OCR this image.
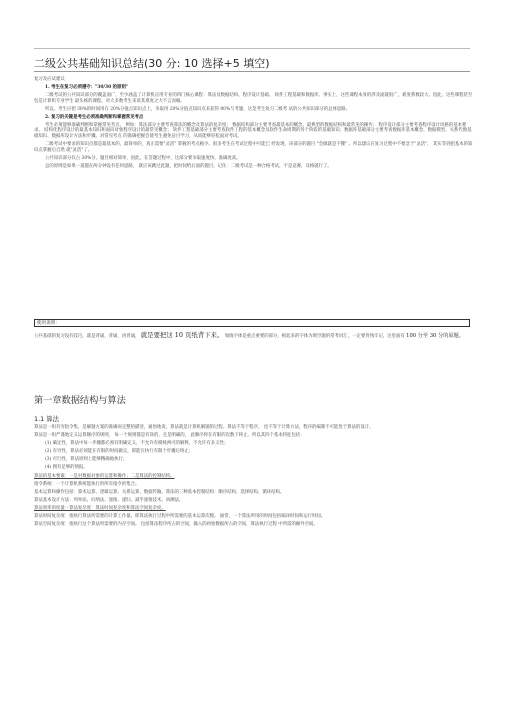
二级公共基础知识总结(30 分: 10 选择+5 填空)

复习及应试建议：

1. 考生在复习必须遵守："30/30 的原则"

二级考试的公共知识部分的覆盖面广，至少涵盖了计算机应用专业的四门核心课程：算法及数据结构、程序设计基础、 软件工程基础和数据库、事实上，这些课程本身的涉及面就很广，难度系数较大。因此，这些课程甚至包是计算机专业学生 最头疼的课程。对大多数考生来说其难度之大不言而喻。

所以，考生应把 30%的时间用在 20%分值点知识点上，争取用 20%分值点知识点来获得 80%与考题，这是考生复习二级考 试的公共知识部分的总体思路。

2. 复习的关键是考生必须准确判断和掌握常见考点

考生必须能够准确判断和掌握常见考点， 例如：算法部分主要考查算法的概念及算法的复杂度； 数据结构部分主要考查最基本的概念、最典型的数据结构和最常见的操作； 程序设计部分主要考查程序设计风格的基本要求。 结构化程序设计的最基本知识和面向对象程序设计的最常见概念； 软件工程基础部分主要考查软件工程的基本概念及软件生命周期的各个阶段的基础知识；数据库基础部分主要考查数据库基本概念、数据模型、关系代数基础知识、数据库设计方法和步骤。对常见考点 的准确把握会使考生避免盲目学习，从而能够轻松面对考试。

二级考试中要求的知识点都是最基本的，最简单的，真正需要"灵活" 掌握的考点极少。很多考生在考试过程中可能已 经发现，该部分的题目 "会做就是不懂" 。所以建议在复习过程中不要急于"灵活"， 其实等到把基本的知识点掌握后自然 就"灵活"了。

公共知识部分仅占 30%分，题目相对简单，因此，在答题过程中，这部分要争取速度快、准确度高。

总的原则是如果一道题在两分钟没有任何思路， 就应该跳过此题，把时间给后面的题目，记住：二级考试是一种合格考试，不是竞赛，及格就行了。

使用说明：

公共基础的复习没有技巧，就是背诵，背诵，再背诵， 就是要把这 10 页纸背下来。 划线字体是重点重要的部分，根起来的字体为填空题的常考词汇，一定要背熟牢记，这里面有 100 分至 30 分的原题。

第一章数据结构与算法
1.1 算法

算法是一组有穷指令集，是解题方案的准确而完整的描述，通俗地说，算法就是计算机解题的过程。算法不等于程序， 也不等于计算方法，程序的编制不可能优于算法的设计。

算法是一组严谨地定义运算顺序的规则， 每一个规则都是有效的，且是明确的， 此顺序将在有限的次数下终止。所以其四个基本特征包括：

(1) 确定性，算法中每一步骤都必须有明确定义，不允许有模棱两可的解释，不允许有多义性；

(2) 有穷性，算法必须能在有限的时间做完，即能在执行有限个步骤后终止；

(3) 可行性，算法原则上能够精确地执行；

(4) 拥有足够的情报。

算法的基本要素：一是对数据对象的运算和操作；二是算法的控制结构。

指令系统：一个计算机系统能执行的所有指令的集合。

基本运算和操作包括：算术运算、逻辑运算、关系运算、数据传输。算法的三种基本控制结构：顺序结构、选择结构、循环结构。

算法基本设计方法：列举法、归纳法、递推、递归、减半递推技术、回溯法。

算法效率的度量一算法复杂度：算法时间复杂度和算法空间复杂度。

算法时间复杂度：指执行算法所需要的计算工作量。即算法执行过程中所需要的基本运算次数。 通常，一个算法所用的时间包括编译时间和运行时间。

算法空间复杂度：指执行这个算法所需要的内存空间。 包括算法程序所占的空间，输入的初始数据所占的空间，算法执行过程 中所需的额外空间。
